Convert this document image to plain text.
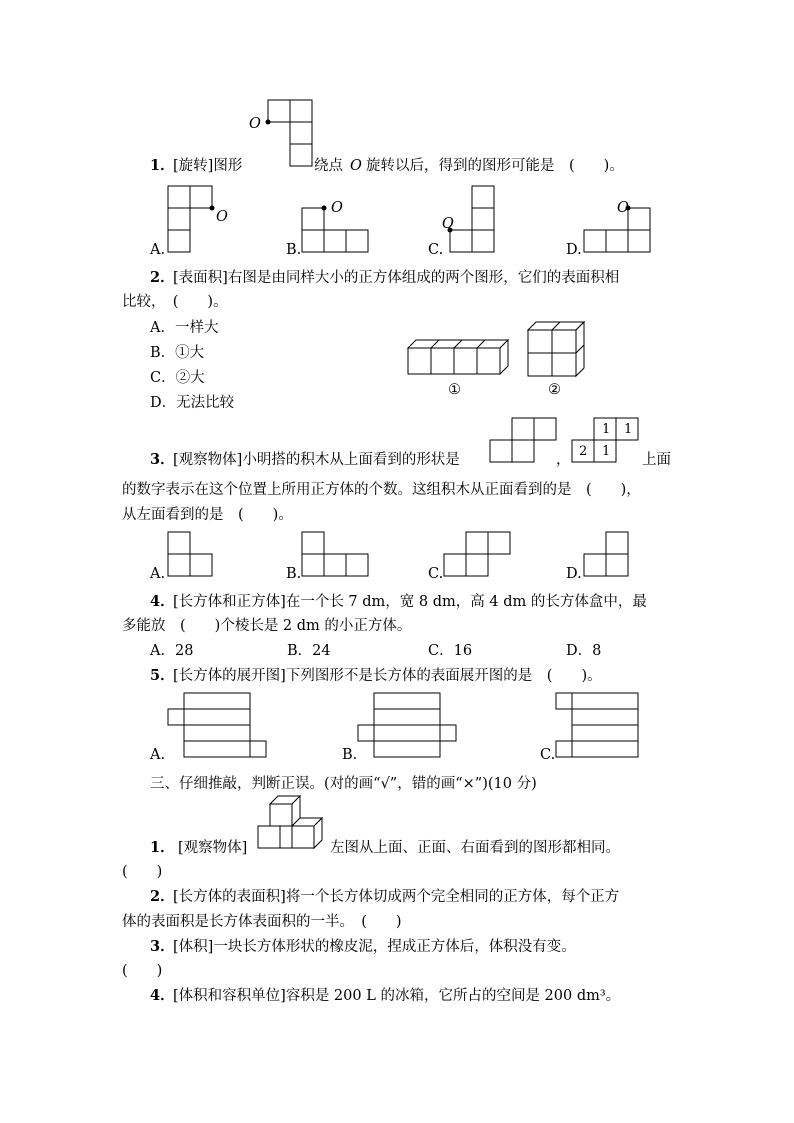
O
1．
[旋转]图形	绕点 O 旋转以后，得到的图形可能是　(　　)。
A.
O
B.
O
C.
O
D.
O
2．
[表面积]右图是由同样大小的正方体组成的两个图形，它们的表面积相
比较，　(　　)。
A．一样大
B．①大
C．②大
D．无法比较
①	②
1 1
2 1
3．
[观察物体]小明搭的积木从上面看到的形状是	，	上面
的数字表示在这个位置上所用正方体的个数。这组积木从正面看到的是　(　　)，
从左面看到的是　(　　)。
A.	B.	C.	D.
4．
[长方体和正方体]在一个长 7 dm，宽 8 dm，高 4 dm 的长方体盒中，最
多能放　(　　)个棱长是 2 dm 的小正方体。
A．28	B．24	C．16	D．8
5．
[长方体的展开图]下列图形不是长方体的表面展开图的是　(　　)。
A.	B.	C.
三、仔细推敲，判断正误。(对的画“√”，错的画“×”)(10 分)
1． [观察物体]	左图从上面、正面、右面看到的图形都相同。
(　　)
2．
[长方体的表面积]将一个长方体切成两个完全相同的正方体，每个正方
体的表面积是长方体表面积的一半。　(　　)
3．
[体积]一块长方体形状的橡皮泥，捏成正方体后，体积没有变。
(　　)
4．
[体积和容积单位]容积是 200 L 的冰箱，它所占的空间是 200 dm³。
